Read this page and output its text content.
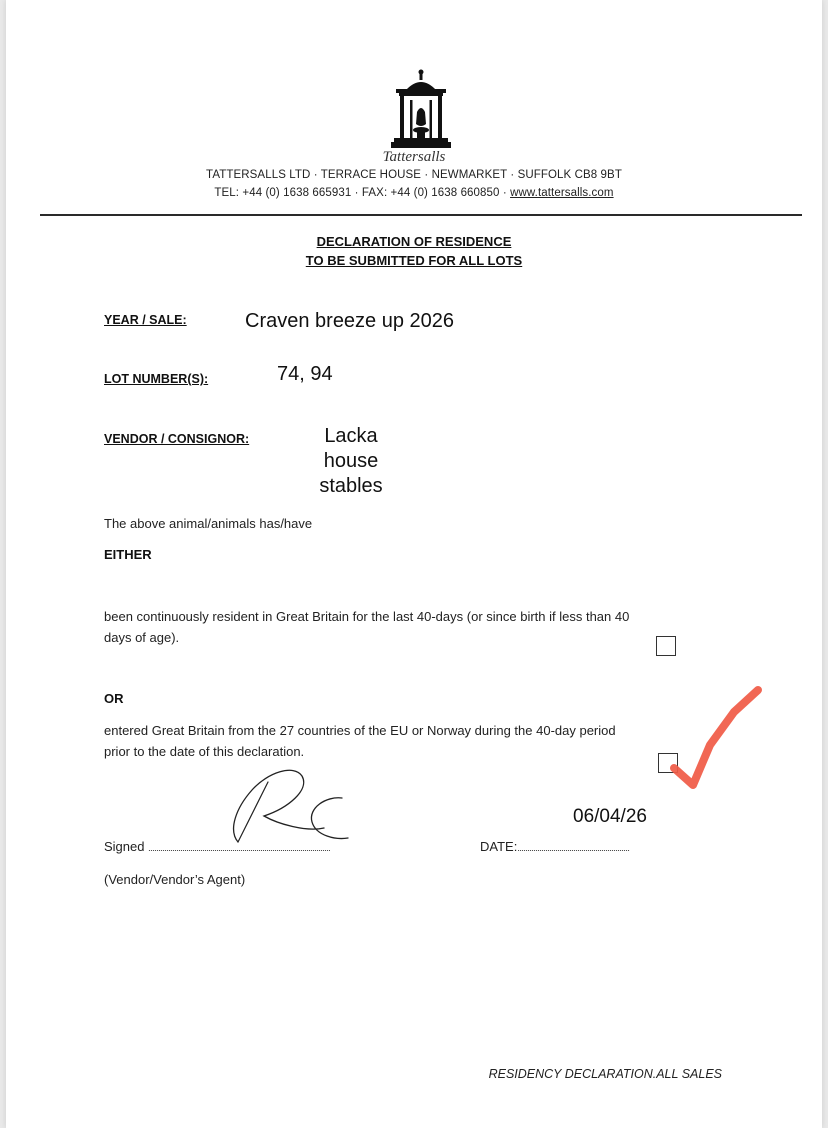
Tattersalls
TATTERSALLS LTD · TERRACE HOUSE · NEWMARKET · SUFFOLK CB8 9BT
TEL: +44 (0) 1638 665931 · FAX: +44 (0) 1638 660850 · www.tattersalls.com
DECLARATION OF RESIDENCE
TO BE SUBMITTED FOR ALL LOTS
YEAR / SALE:	Craven breeze up 2026
LOT NUMBER(S):	74, 94
VENDOR / CONSIGNOR:	Lacka
house
stables
The above animal/animals has/have
EITHER
been continuously resident in Great Britain for the last 40-days (or since birth if less than 40
days of age).
OR
entered Great Britain from the 27 countries of the EU or Norway during the 40-day period
prior to the date of this declaration.
Signed ...........................................................................................	DATE:........................................................
06/04/26
(Vendor/Vendor’s Agent)
RESIDENCY DECLARATION.ALL SALES
